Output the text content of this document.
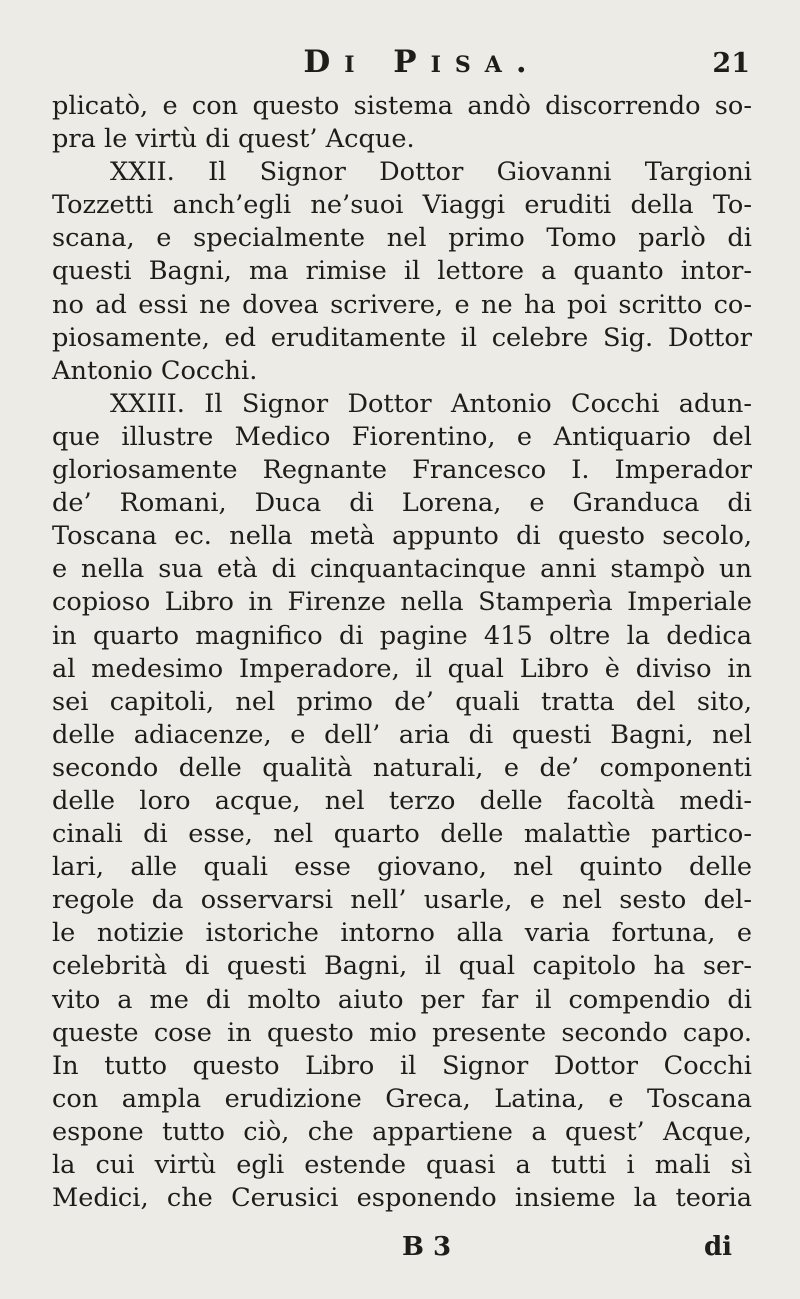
Di Pisa.	21
plicatò, e con questo sistema andò discorrendo so-
pra le virtù di quest’ Acque.
XXII. Il Signor Dottor Giovanni Targioni
Tozzetti anch’egli ne’suoi Viaggi eruditi della To-
scana, e specialmente nel primo Tomo parlò di
questi Bagni, ma rimise il lettore a quanto intor-
no ad essi ne dovea scrivere, e ne ha poi scritto co-
piosamente, ed eruditamente il celebre Sig. Dottor
Antonio Cocchi.
XXIII. Il Signor Dottor Antonio Cocchi adun-
que illustre Medico Fiorentino, e Antiquario del
gloriosamente Regnante Francesco I. Imperador
de’ Romani, Duca di Lorena, e Granduca di
Toscana ec. nella metà appunto di questo secolo,
e nella sua età di cinquantacinque anni stampò un
copioso Libro in Firenze nella Stamperìa Imperiale
in quarto magnifico di pagine 415 oltre la dedica
al medesimo Imperadore, il qual Libro è diviso in
sei capitoli, nel primo de’ quali tratta del sito,
delle adiacenze, e dell’ aria di questi Bagni, nel
secondo delle qualità naturali, e de’ componenti
delle loro acque, nel terzo delle facoltà medi-
cinali di esse, nel quarto delle malattìe partico-
lari, alle quali esse giovano, nel quinto delle
regole da osservarsi nell’ usarle, e nel sesto del-
le notizie istoriche intorno alla varia fortuna, e
celebrità di questi Bagni, il qual capitolo ha ser-
vito a me di molto aiuto per far il compendio di
queste cose in questo mio presente secondo capo.
In tutto questo Libro il Signor Dottor Cocchi
con ampla erudizione Greca, Latina, e Toscana
espone tutto ciò, che appartiene a quest’ Acque,
la cui virtù egli estende quasi a tutti i mali sì
Medici, che Cerusici esponendo insieme la teoria
B 3	di
